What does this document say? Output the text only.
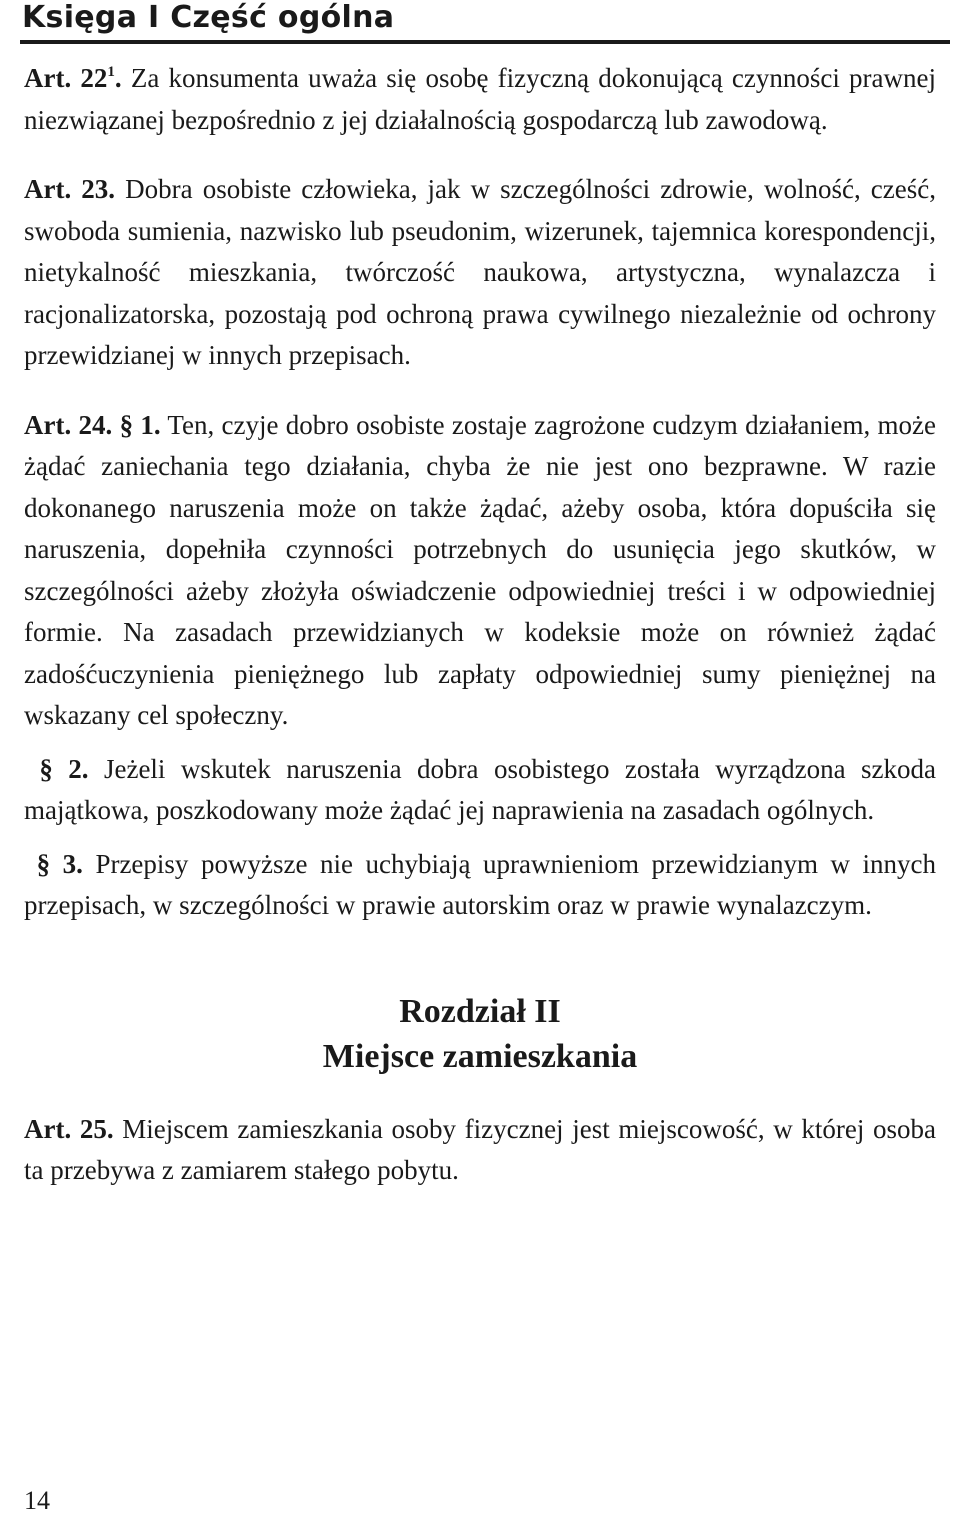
Księga I Część ogólna

Art. $22^1$. Za konsumenta uważa się osobę fizyczną dokonującą czynności prawnej niezwiązanej bezpośrednio z jej działalnością gospodarczą lub zawodową.

Art. 23. Dobra osobiste człowieka, jak w szczególności zdrowie, wolność, cześć, swoboda sumienia, nazwisko lub pseudonim, wizerunek, tajemnica korespondencji, nietykalność mieszkania, twórczość naukowa, artystyczna, wynalazcza i racjonalizatorska, pozostają pod ochroną prawa cywilnego niezależnie od ochrony przewidzianej w innych przepisach.

Art. 24. § 1. Ten, czyje dobro osobiste zostaje zagrożone cudzym działaniem, może żądać zaniechania tego działania, chyba że nie jest ono bezprawne. W razie dokonanego naruszenia może on także żądać, ażeby osoba, która dopuściła się naruszenia, dopełniła czynności potrzebnych do usunięcia jego skutków, w szczególności ażeby złożyła oświadczenie odpowiedniej treści i w odpowiedniej formie. Na zasadach przewidzianych w kodeksie może on również żądać zadośćuczynienia pieniężnego lub zapłaty odpowiedniej sumy pieniężnej na wskazany cel społeczny.

§ 2. Jeżeli wskutek naruszenia dobra osobistego została wyrządzona szkoda majątkowa, poszkodowany może żądać jej naprawienia na zasadach ogólnych.

§ 3. Przepisy powyższe nie uchybiają uprawnieniom przewidzianym w innych przepisach, w szczególności w prawie autorskim oraz w prawie wynalazczym.

Rozdział II
Miejsce zamieszkania

Art. 25. Miejscem zamieszkania osoby fizycznej jest miejscowość, w której osoba ta przebywa z zamiarem stałego pobytu.

14
